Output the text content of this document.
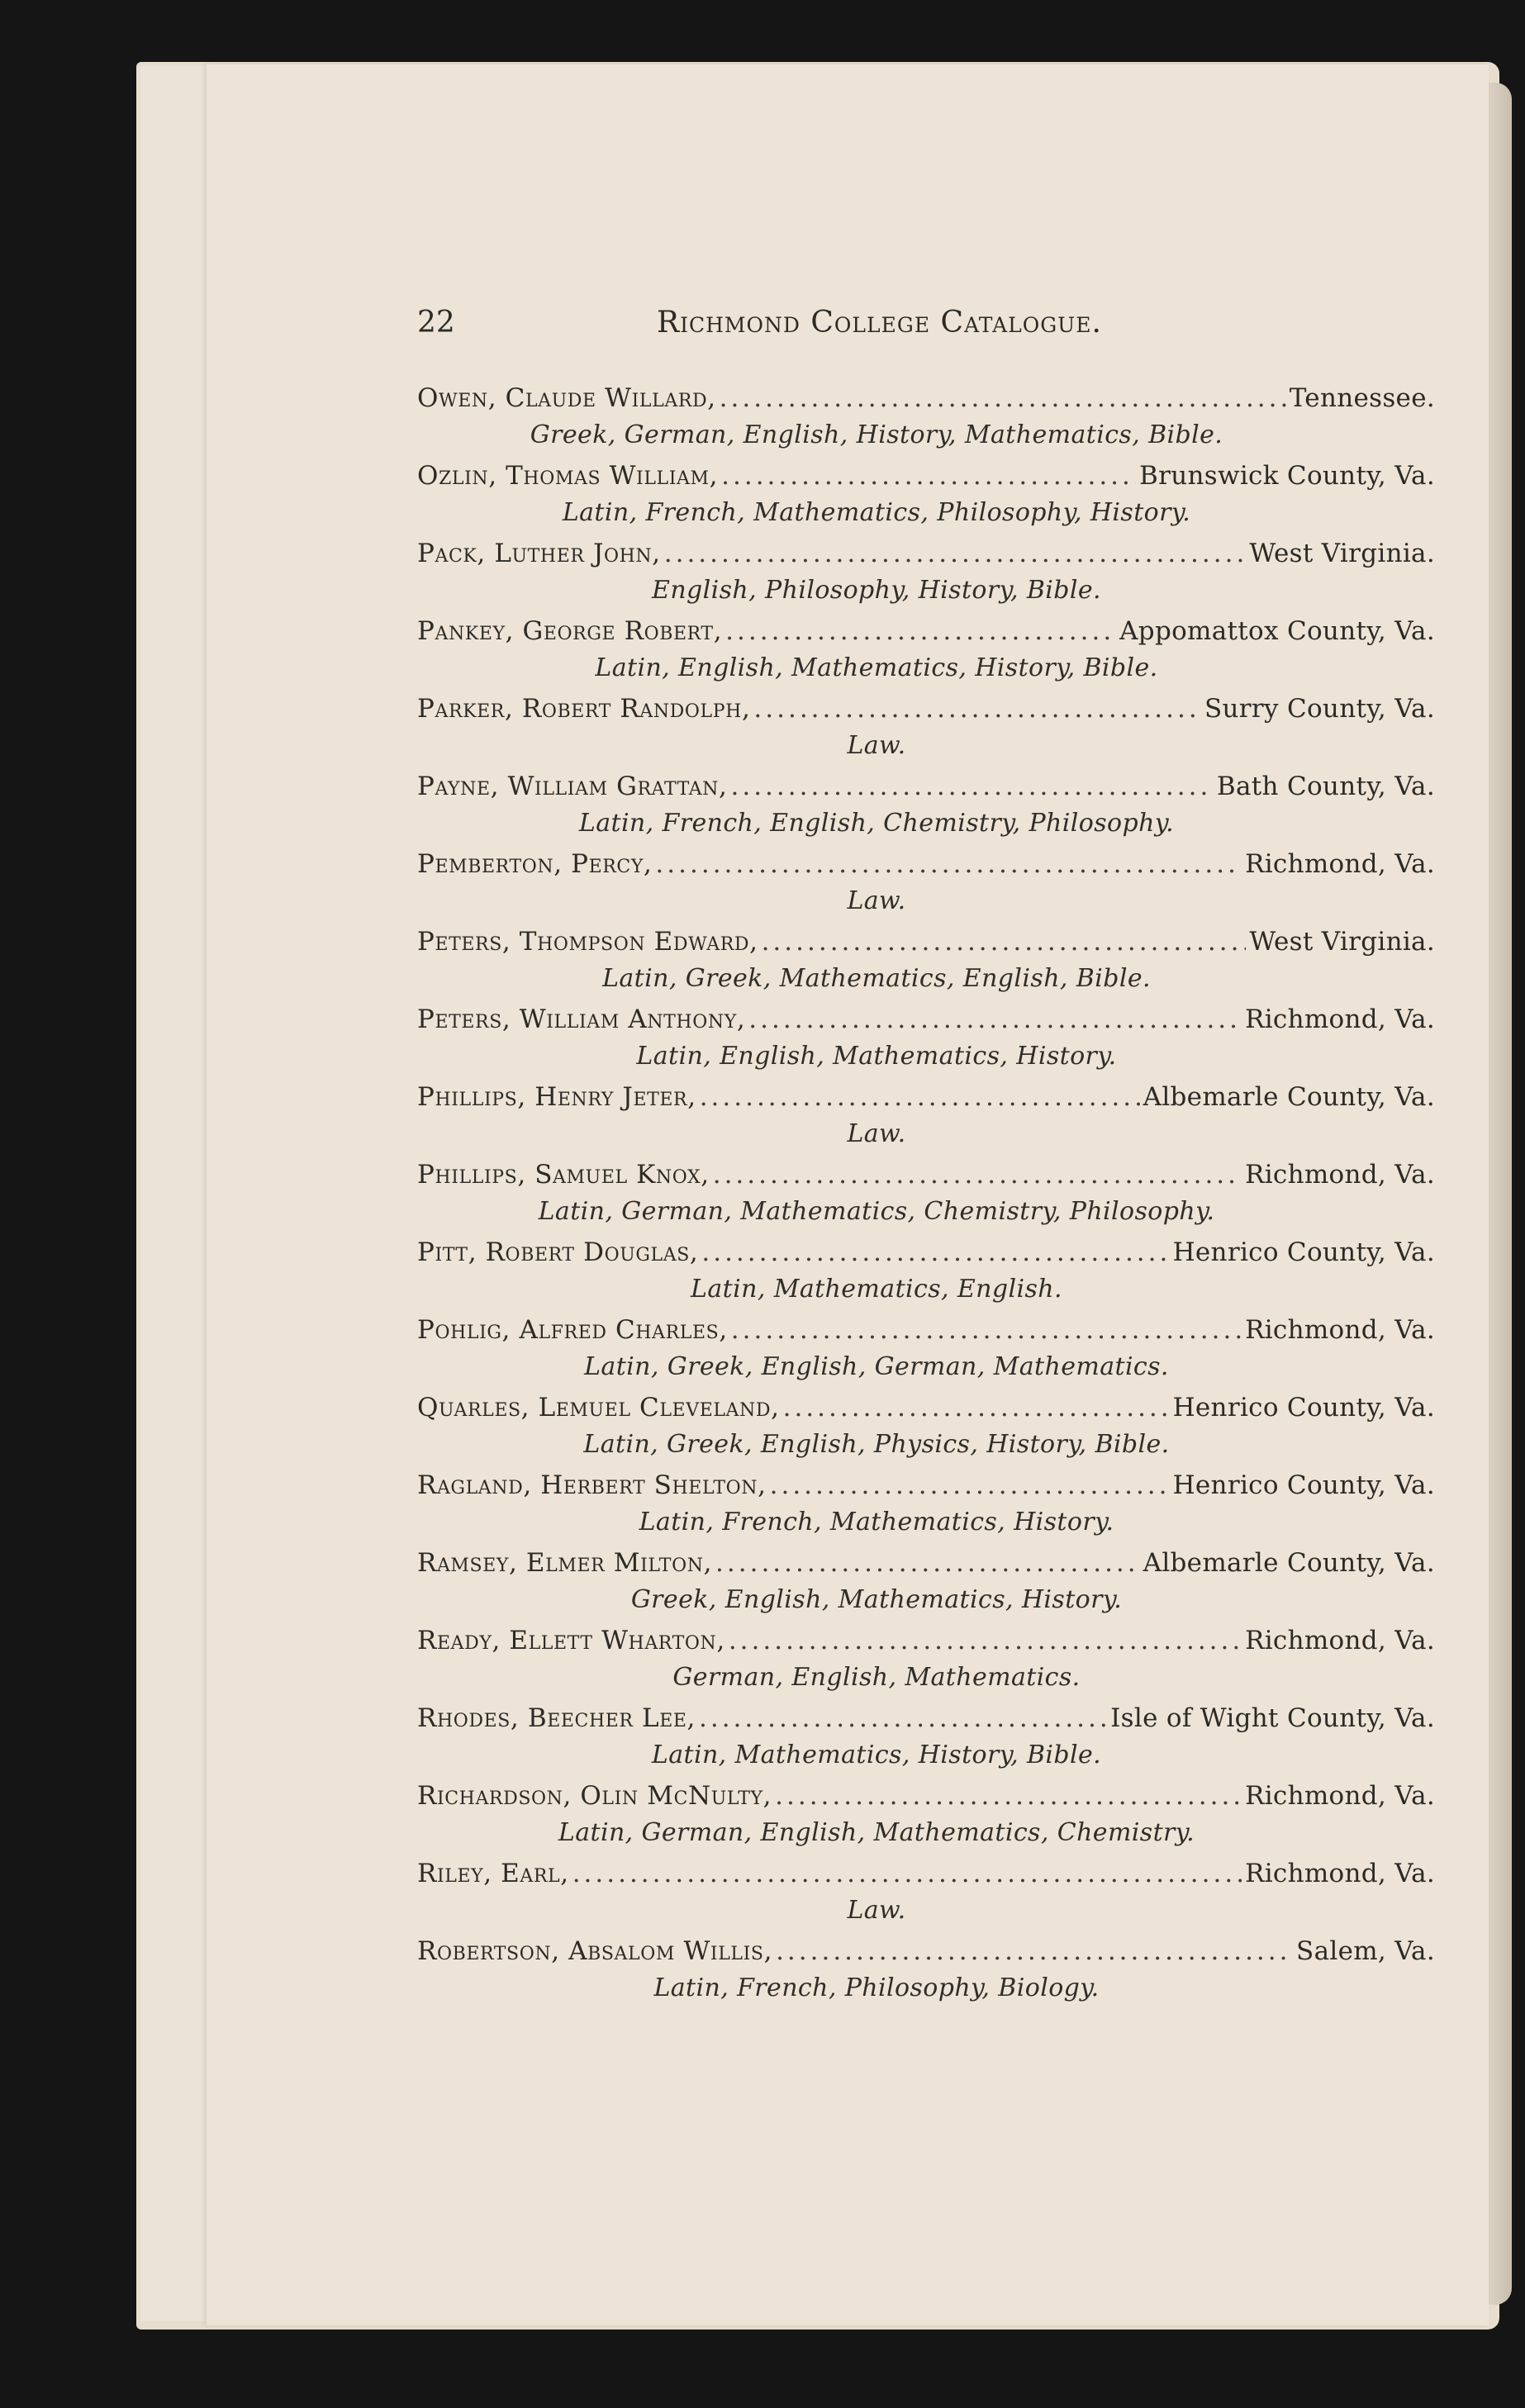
22	Richmond College Catalogue.
Owen, Claude Willard, .....	Tennessee.
Greek, German, English, History, Mathematics, Bible.
Ozlin, Thomas William, .....	Brunswick County, Va.
Latin, French, Mathematics, Philosophy, History.
Pack, Luther John, .....	West Virginia.
English, Philosophy, History, Bible.
Pankey, George Robert, .....	Appomattox County, Va.
Latin, English, Mathematics, History, Bible.
Parker, Robert Randolph, .....	Surry County, Va.
Law.
Payne, William Grattan, .....	Bath County, Va.
Latin, French, English, Chemistry, Philosophy.
Pemberton, Percy, .....	Richmond, Va.
Law.
Peters, Thompson Edward, .....	West Virginia.
Latin, Greek, Mathematics, English, Bible.
Peters, William Anthony, .....	Richmond, Va.
Latin, English, Mathematics, History.
Phillips, Henry Jeter, .....	Albemarle County, Va.
Law.
Phillips, Samuel Knox, .....	Richmond, Va.
Latin, German, Mathematics, Chemistry, Philosophy.
Pitt, Robert Douglas, .....	Henrico County, Va.
Latin, Mathematics, English.
Pohlig, Alfred Charles, .....	Richmond, Va.
Latin, Greek, English, German, Mathematics.
Quarles, Lemuel Cleveland, .....	Henrico County, Va.
Latin, Greek, English, Physics, History, Bible.
Ragland, Herbert Shelton, .....	Henrico County, Va.
Latin, French, Mathematics, History.
Ramsey, Elmer Milton, .....	Albemarle County, Va.
Greek, English, Mathematics, History.
Ready, Ellett Wharton, .....	Richmond, Va.
German, English, Mathematics.
Rhodes, Beecher Lee, .....	Isle of Wight County, Va.
Latin, Mathematics, History, Bible.
Richardson, Olin McNulty, .....	Richmond, Va.
Latin, German, English, Mathematics, Chemistry.
Riley, Earl, .....	Richmond, Va.
Law.
Robertson, Absalom Willis, .....	Salem, Va.
Latin, French, Philosophy, Biology.
